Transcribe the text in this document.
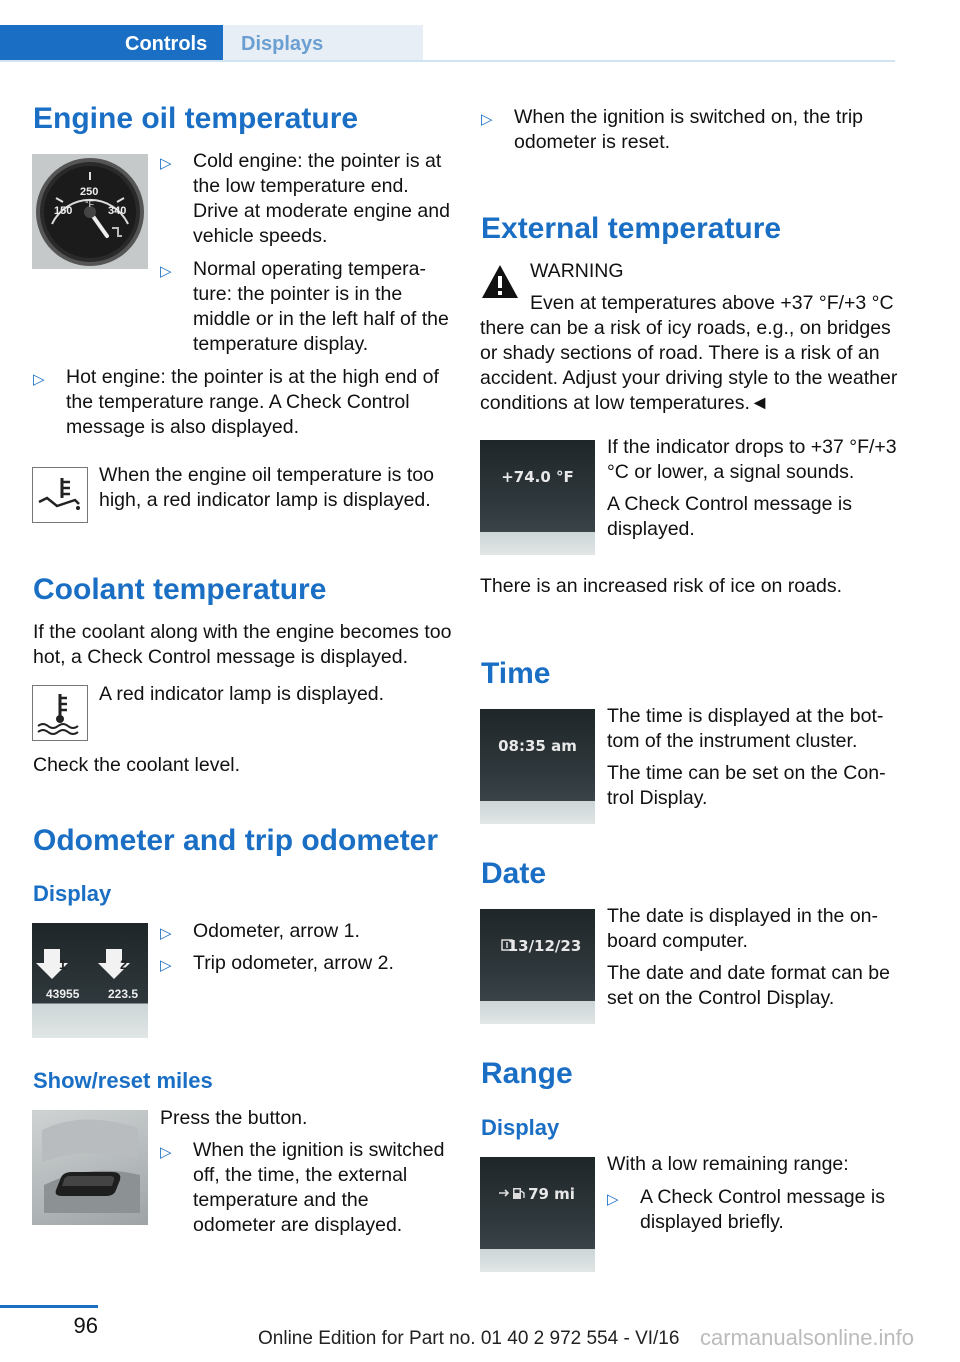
Controls	Displays
Engine oil temperature
250
°F
150	340
▷	Cold engine: the pointer is at the low temperature end. Drive at moderate engine and vehicle speeds.
▷	Normal operating tempera-ture: the pointer is in the middle or in the left half of the temperature display.
▷	Hot engine: the pointer is at the high end of the temperature range. A Check Control message is also displayed.
When the engine oil temperature is too high, a red indicator lamp is displayed.
Coolant temperature
If the coolant along with the engine becomes too hot, a Check Control message is displayed.
A red indicator lamp is displayed.
Check the coolant level.
Odometer and trip odometer
Display
1	2
43955 223.5
▷	Odometer, arrow 1.
▷	Trip odometer, arrow 2.
Show/reset miles
Press the button.
▷	When the ignition is switched off, the time, the external temperature and the odometer are displayed.
▷	When the ignition is switched on, the trip odometer is reset.
External temperature
WARNING
Even at temperatures above +37 °F/+3 °C there can be a risk of icy roads, e.g., on bridges or shady sections of road. There is a risk of an accident. Adjust your driving style to the weather conditions at low temperatures.◄
+74.0 °F

If the indicator drops to +37 °F/+3 °C or lower, a signal sounds.

A Check Control message is displayed.

There is an increased risk of ice on roads.
Time
08:35 am

The time is displayed at the bot-tom of the instrument cluster.

The time can be set on the Con-trol Display.

Date
13/12/23

The date is displayed in the on-board computer.

The date and date format can be set on the Control Display.

Range
Display
79 mi
With a low remaining range:
▷	A Check Control message is displayed briefly.
96
Online Edition for Part no. 01 40 2 972 554 - VI/16 carmanualsonline.info
